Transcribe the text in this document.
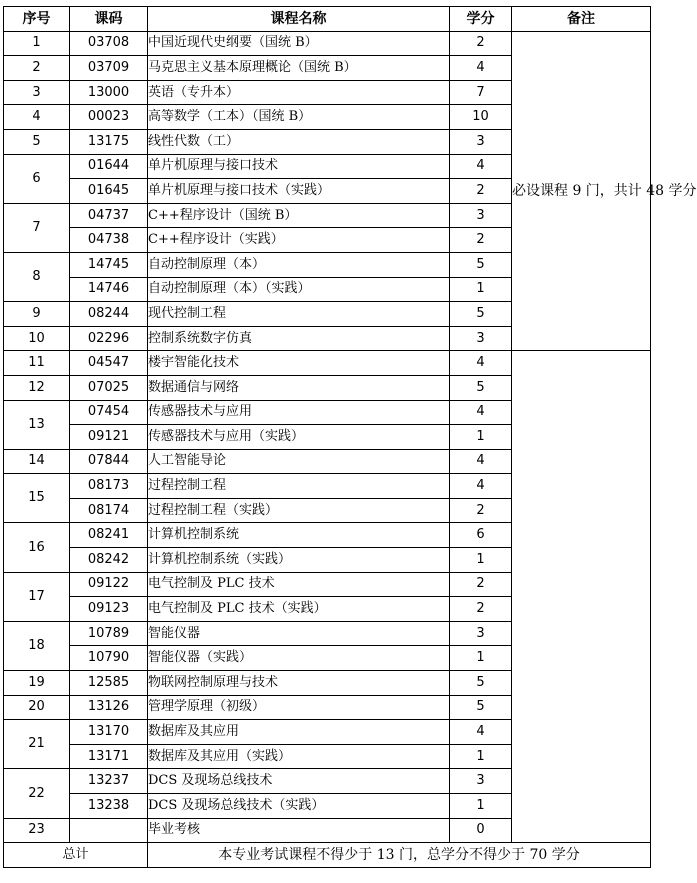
序号	课码	课程名称	学分	备注	
1	03708	中国近现代史纲要（国统 B）	2	必设课程 9 门，共计 48 学分	
2	03709	马克思主义基本原理概论（国统 B）	4		
3	13000	英语（专升本）	7		
4	00023	高等数学（工本）（国统 B）	10		
5	13175	线性代数（工）	3		
6	01644	单片机原理与接口技术	4		
	01645	单片机原理与接口技术（实践）	2		
7	04737	C++程序设计（国统 B）	3		
	04738	C++程序设计（实践）	2		
8	14745	自动控制原理（本）	5		
	14746	自动控制原理（本）（实践）	1		
9	08244	现代控制工程	5		
10	02296	控制系统数字仿真	3	
11	04547	楼宇智能化技术	4		
12	07025	数据通信与网络	5		
13	07454	传感器技术与应用	4		
	09121	传感器技术与应用（实践）	1		
14	07844	人工智能导论	4		
15	08173	过程控制工程	4		
	08174	过程控制工程（实践）	2		
16	08241	计算机控制系统	6		
	08242	计算机控制系统（实践）	1		
17	09122	电气控制及 PLC 技术	2		
	09123	电气控制及 PLC 技术（实践）	2		
18	10789	智能仪器	3		
	10790	智能仪器（实践）	1		
19	12585	物联网控制原理与技术	5		
20	13126	管理学原理（初级）	5		
21	13170	数据库及其应用	4		
	13171	数据库及其应用（实践）	1		
22	13237	DCS 及现场总线技术	3		
	13238	DCS 及现场总线技术（实践）	1		
23		毕业考核	0		
总计		本专业考试课程不得少于 13 门，总学分不得少于 70 学分			
